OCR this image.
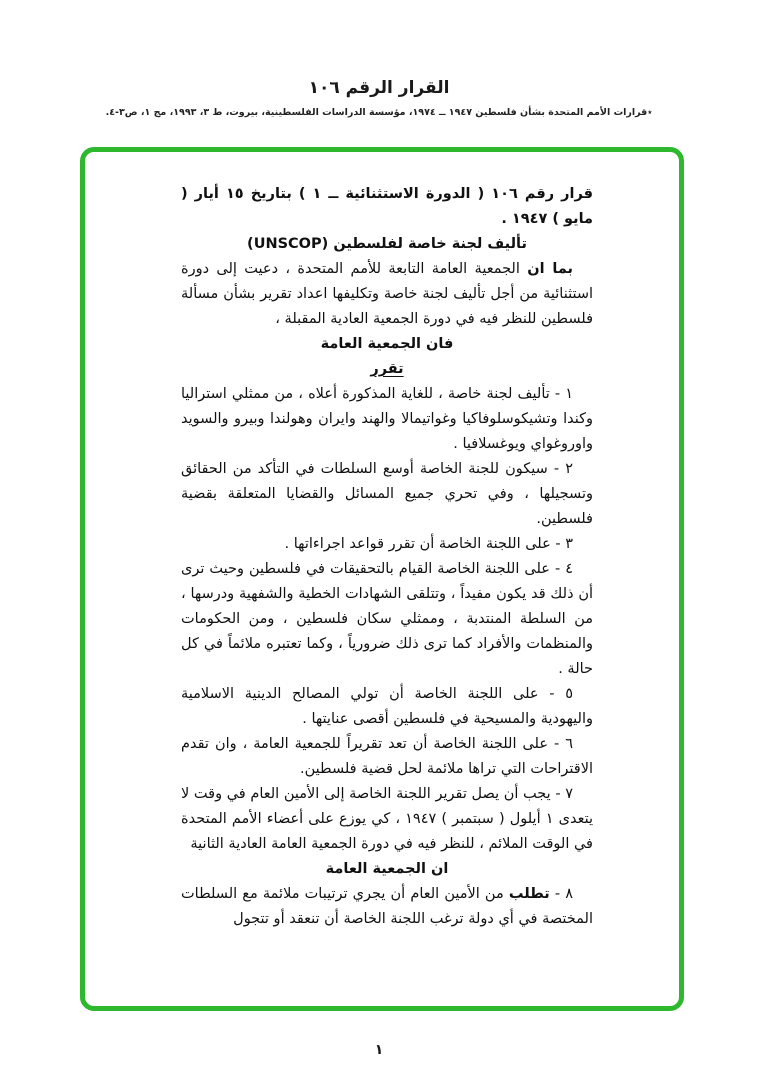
القرار الرقم ١٠٦
٭قرارات الأمم المتحدة بشأن فلسطين ١٩٤٧ ــ ١٩٧٤، مؤسسة الدراسات الفلسطينية، بيروت، ط ٣، ١٩٩٣، مج ١، ص٣-٤.

قرار رقم ١٠٦ ( الدورة الاستثنائية ــ ١ ) بتاريخ ١٥ أيار ( مايو ) ١٩٤٧ .

تأليف لجنة خاصة لفلسطين (UNSCOP)

بما ان الجمعية العامة التابعة للأمم المتحدة ، دعيت إلى دورة استثنائية من أجل تأليف لجنة خاصة وتكليفها اعداد تقرير بشأن مسألة فلسطين للنظر فيه في دورة الجمعية العادية المقبلة ،

فان الجمعية العامة

تقرر

١ - تأليف لجنة خاصة ، للغاية المذكورة أعلاه ، من ممثلي استراليا وكندا وتشيكوسلوفاكيا وغواتيمالا والهند وايران وهولندا وبيرو والسويد واوروغواي ويوغسلافيا .

٢ - سيكون للجنة الخاصة أوسع السلطات في التأكد من الحقائق وتسجيلها ، وفي تحري جميع المسائل والقضايا المتعلقة بقضية فلسطين.

٣ - على اللجنة الخاصة أن تقرر قواعد اجراءاتها .

٤ - على اللجنة الخاصة القيام بالتحقيقات في فلسطين وحيث ترى أن ذلك قد يكون مفيداً ، وتتلقى الشهادات الخطية والشفهية ودرسها ، من السلطة المنتدبة ، وممثلي سكان فلسطين ، ومن الحكومات والمنظمات والأفراد كما ترى ذلك ضرورياً ، وكما تعتبره ملائماً في كل حالة .

٥ - على اللجنة الخاصة أن تولي المصالح الدينية الاسلامية واليهودية والمسيحية في فلسطين أقصى عنايتها .

٦ - على اللجنة الخاصة أن تعد تقريراً للجمعية العامة ، وان تقدم الاقتراحات التي تراها ملائمة لحل قضية فلسطين.

٧ - يجب أن يصل تقرير اللجنة الخاصة إلى الأمين العام في وقت لا يتعدى ١ أيلول ( سبتمبر ) ١٩٤٧ ، كي يوزع على أعضاء الأمم المتحدة في الوقت الملائم ، للنظر فيه في دورة الجمعية العامة العادية الثانية

ان الجمعية العامة

٨ - تطلب من الأمين العام أن يجري ترتيبات ملائمة مع السلطات المختصة في أي دولة ترغب اللجنة الخاصة أن تنعقد أو تتجول

١
